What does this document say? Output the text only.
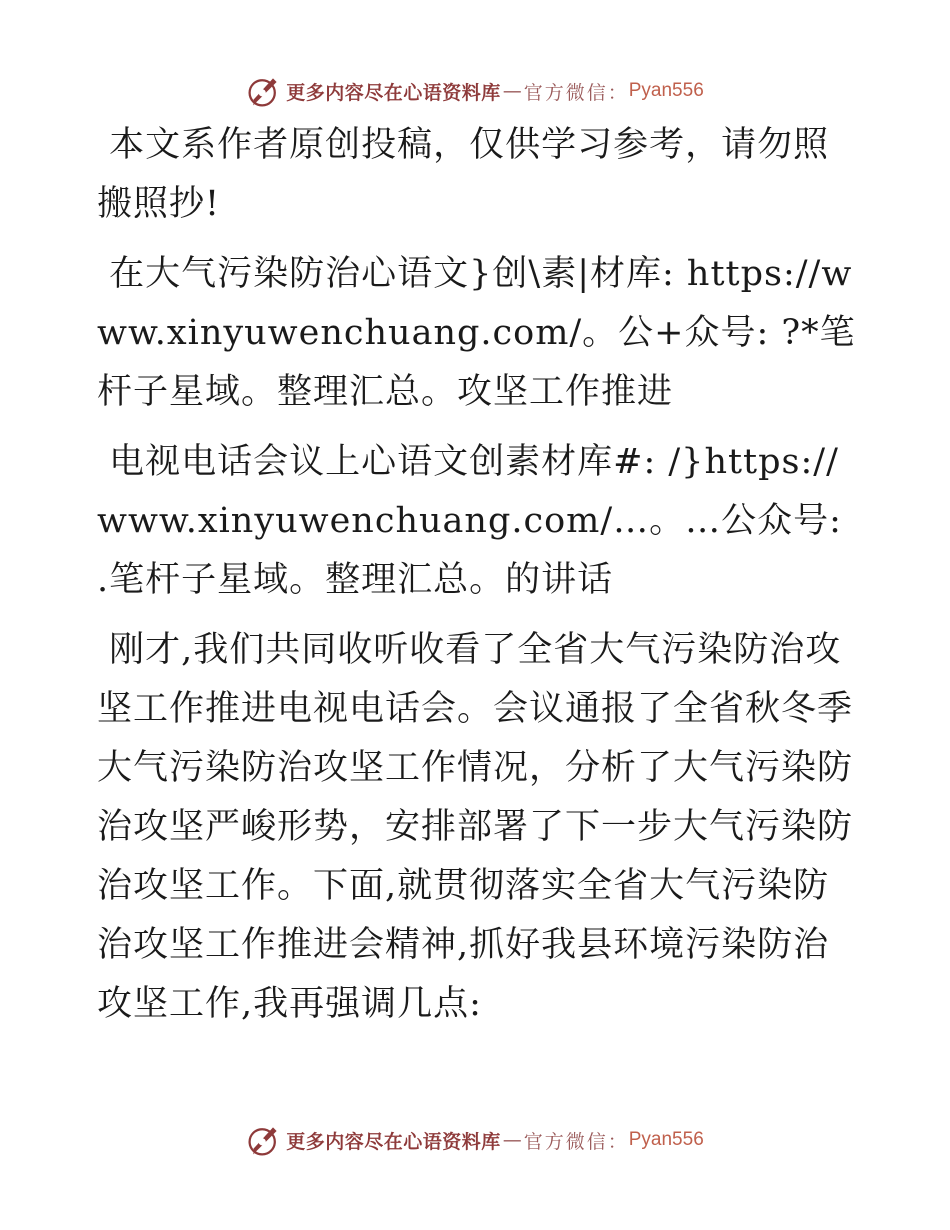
更多内容尽在心语资料库 — 官方微信： Pyan556

本文系作者原创投稿，仅供学习参考，请勿照搬照抄!

在大气污染防治心语文}创\素|材库: https://www.xinyuwenchuang.com/。公+众号: ?*笔杆子星域。整理汇总。攻坚工作推进

电视电话会议上心语文创素材库#: /}https://www.xinyuwenchuang.com/…。…公众号: .笔杆子星域。整理汇总。的讲话

刚才,我们共同收听收看了全省大气污染防治攻坚工作推进电视电话会。会议通报了全省秋冬季大气污染防治攻坚工作情况，分析了大气污染防治攻坚严峻形势，安排部署了下一步大气污染防治攻坚工作。下面,就贯彻落实全省大气污染防治攻坚工作推进会精神,抓好我县环境污染防治攻坚工作,我再强调几点:

更多内容尽在心语资料库 — 官方微信： Pyan556
